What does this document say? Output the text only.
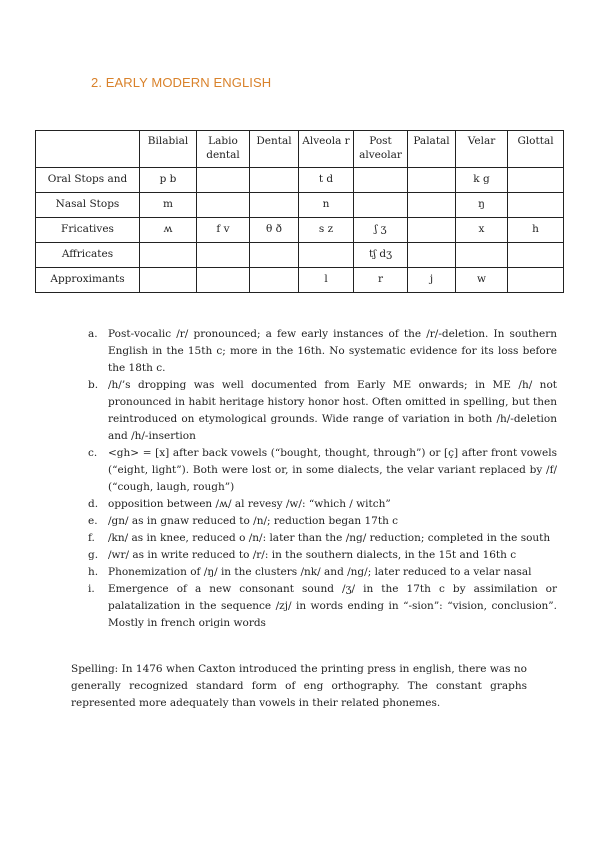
2. EARLY MODERN ENGLISH
	Bilabial	Labio dental	Dental	Alveola r	Post alveolar	Palatal	Velar	Glottal
Oral Stops and	p b			t d			k g	
Nasal Stops	m			n			ŋ	
Fricatives	ʍ	f v	θ ð	s z	ʃ ʒ		x	h
Affricates					tʃ dʒ			
Approximants				l	r	j	w	
a. Post-vocalic /r/ pronounced; a few early instances of the /r/-deletion. In southern English in the 15th c; more in the 16th. No systematic evidence for its loss before the 18th c.
b. /h/’s dropping was well documented from Early ME onwards; in ME /h/ not pronounced in habit heritage history honor host. Often omitted in spelling, but then reintroduced on etymological grounds. Wide range of variation in both /h/-deletion and /h/-insertion
c. <gh> = [x] after back vowels (“bought, thought, through”) or [ç] after front vowels (“eight, light”). Both were lost or, in some dialects, the velar variant replaced by /f/ (“cough, laugh, rough”)
d. opposition between /ʍ/ al revesy /w/: “which / witch”
e. /gn/ as in gnaw reduced to /n/; reduction began 17th c
f. /kn/ as in knee, reduced o /n/: later than the /ng/ reduction; completed in the south
g. /wr/ as in write reduced to /r/: in the southern dialects, in the 15t and 16th c
h. Phonemization of /ŋ/ in the clusters /nk/ and /ng/; later reduced to a velar nasal
i. Emergence of a new consonant sound /ʒ/ in the 17th c by assimilation or palatalization in the sequence /zj/ in words ending in “-sion”: “vision, conclusion”. Mostly in french origin words

Spelling: In 1476 when Caxton introduced the printing press in english, there was no generally recognized standard form of eng orthography. The constant graphs represented more adequately than vowels in their related phonemes.
